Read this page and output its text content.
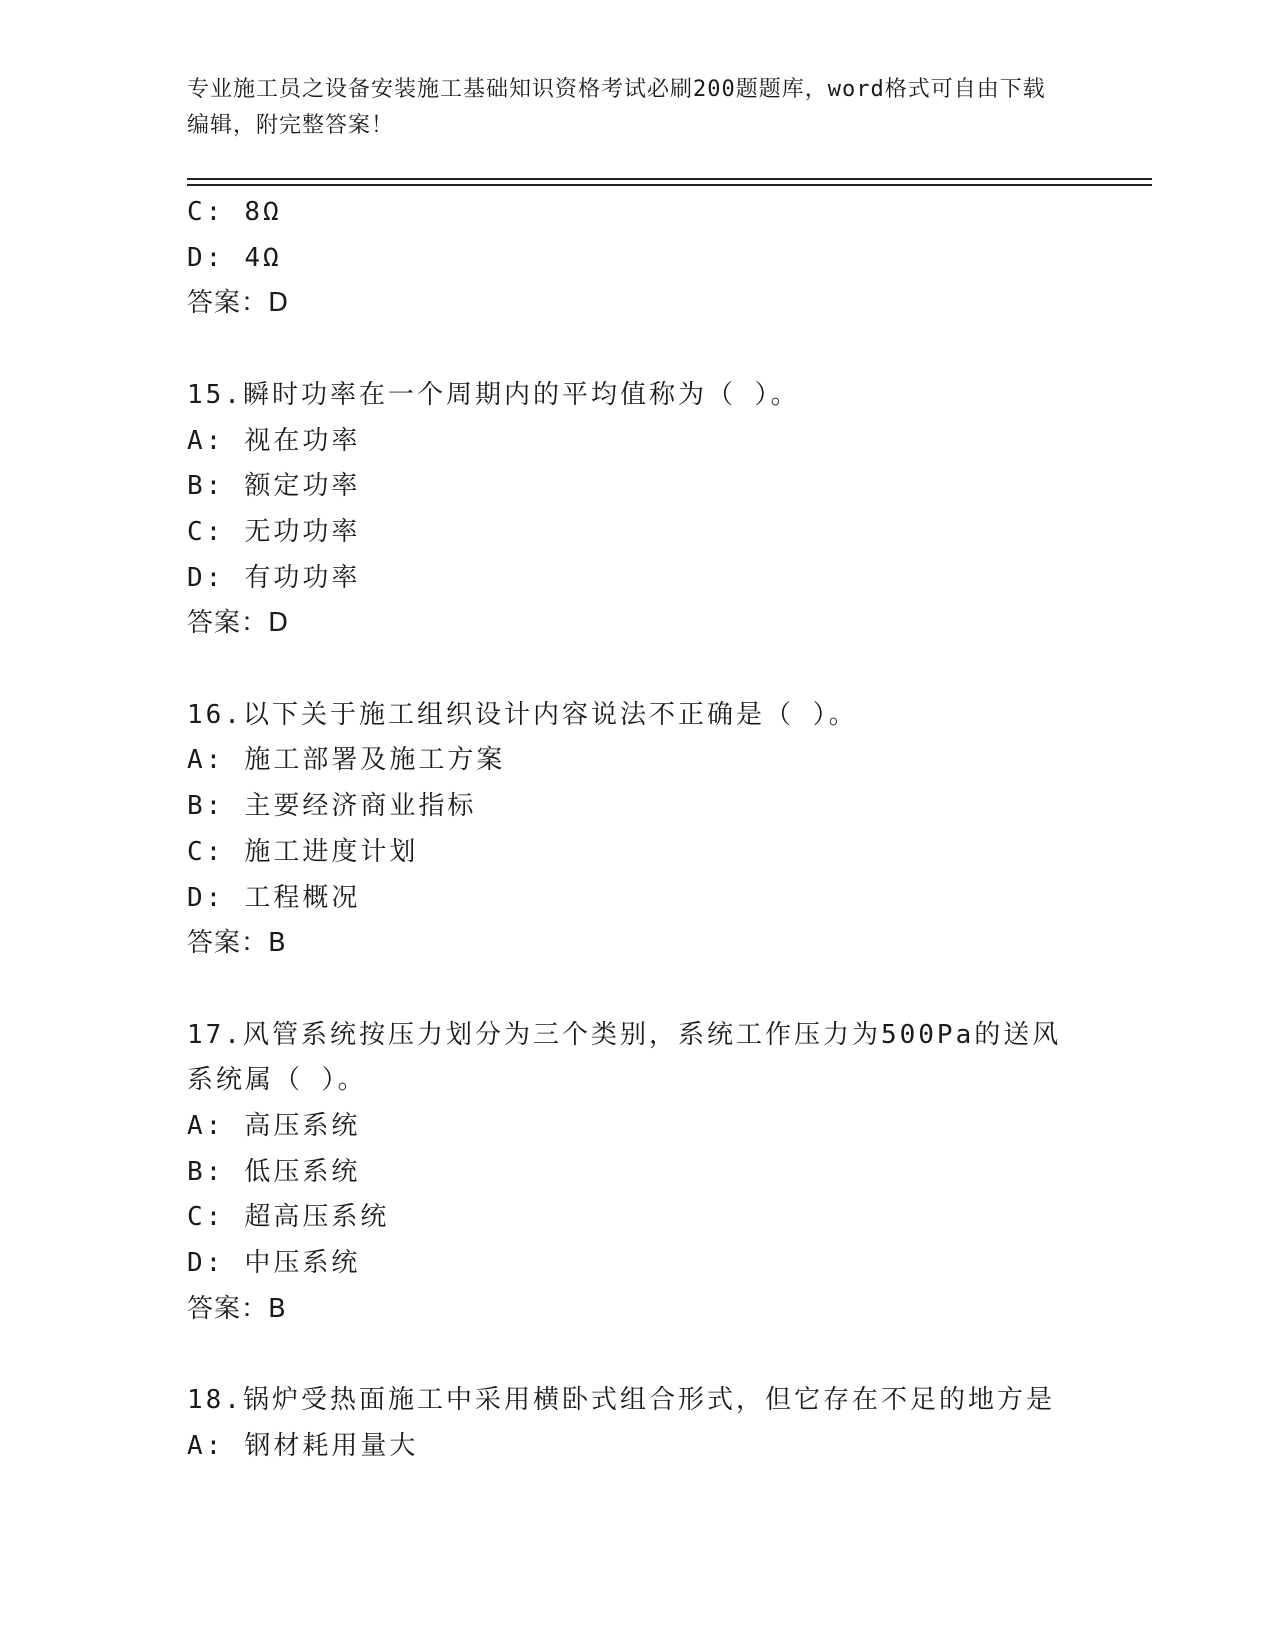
专业施工员之设备安装施工基础知识资格考试必刷200题题库，word格式可自由下载编辑，附完整答案！
C: 8Ω
D: 4Ω
答案：D
15.瞬时功率在一个周期内的平均值称为（ ）。
A: 视在功率
B: 额定功率
C: 无功功率
D: 有功功率
答案：D
16.以下关于施工组织设计内容说法不正确是（ ）。
A: 施工部署及施工方案
B: 主要经济商业指标
C: 施工进度计划
D: 工程概况
答案：B
17.风管系统按压力划分为三个类别，系统工作压力为500Pa的送风系统属（ ）。
A: 高压系统
B: 低压系统
C: 超高压系统
D: 中压系统
答案：B
18.锅炉受热面施工中采用横卧式组合形式，但它存在不足的地方是
A: 钢材耗用量大
